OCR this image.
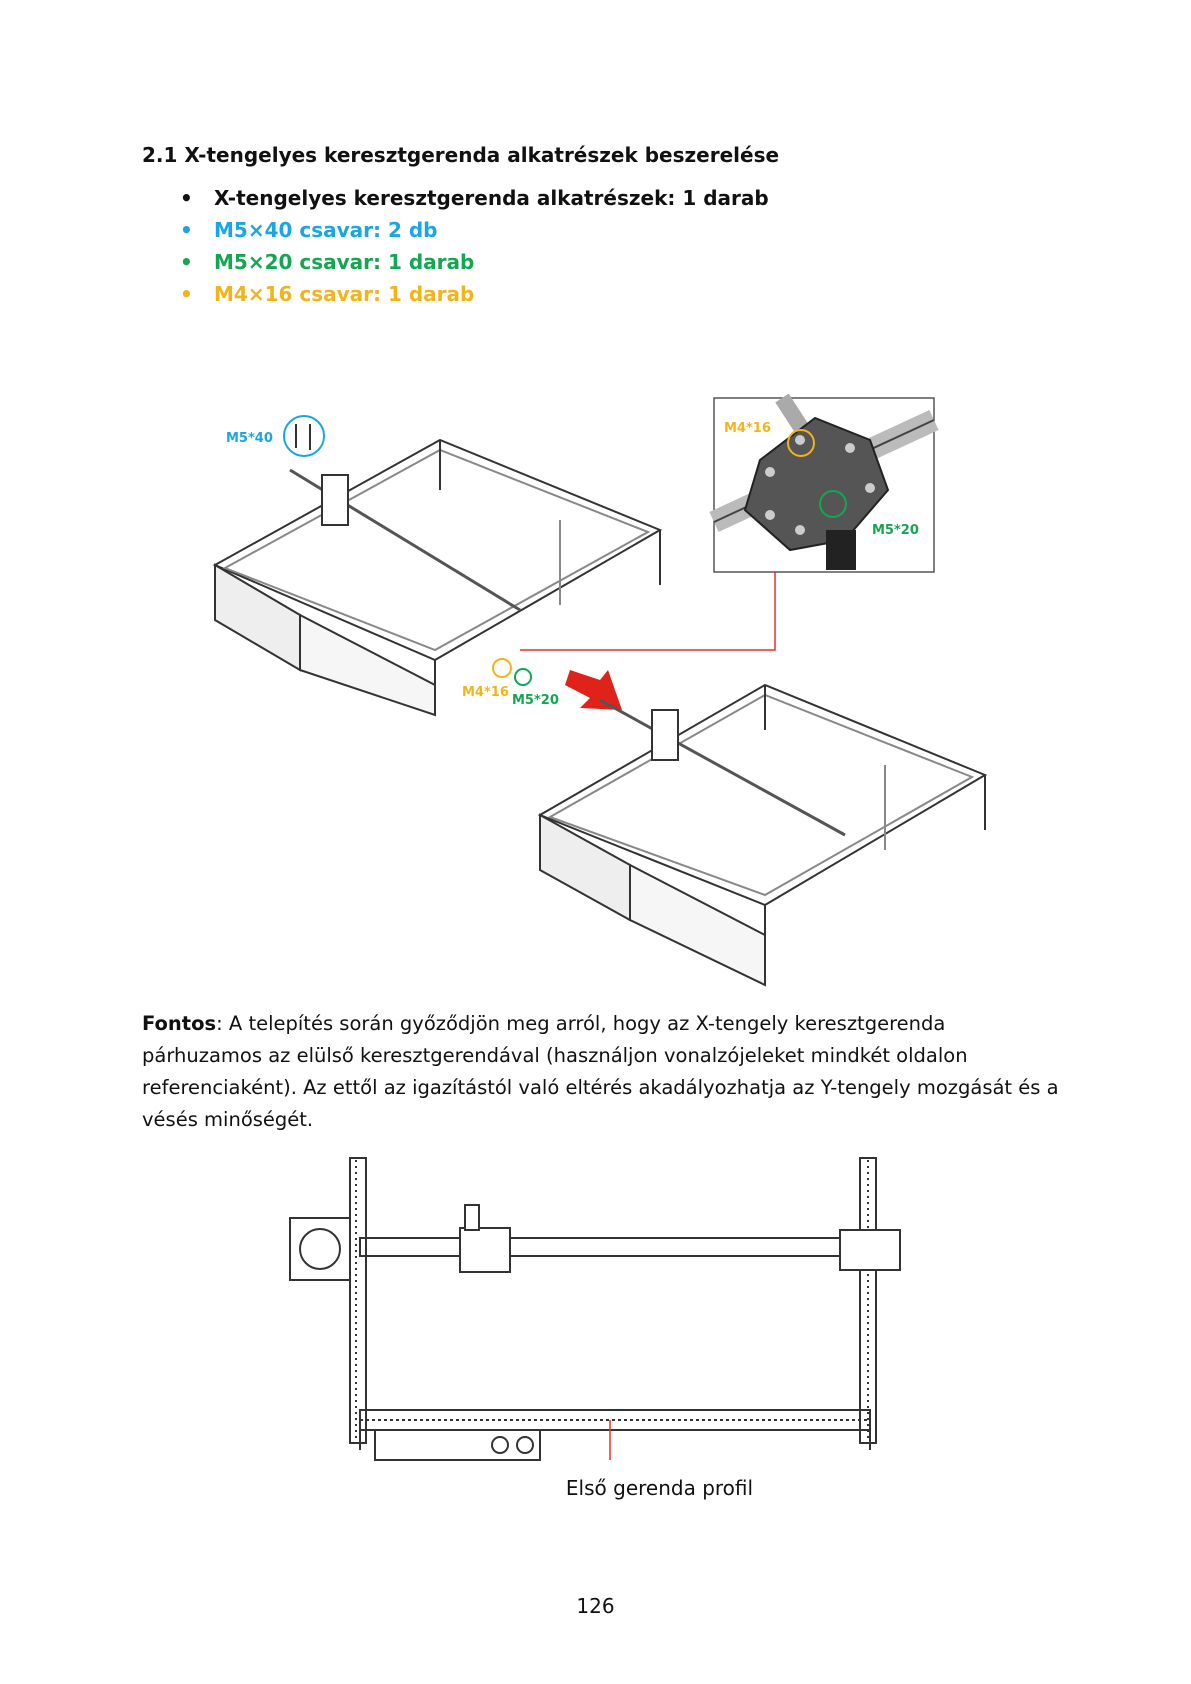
2.1 X-tengelyes keresztgerenda alkatrészek beszerelése
• X-tengelyes keresztgerenda alkatrészek: 1 darab
• M5×40 csavar: 2 db
• M5×20 csavar: 1 darab
• M4×16 csavar: 1 darab
M4*16
M5*20
M5*40
M4*16
M5*20
Fontos: A telepítés során győződjön meg arról, hogy az X-tengely keresztgerenda párhuzamos az elülső keresztgerendával (használjon vonalzójeleket mindkét oldalon referenciaként). Az ettől az igazítástól való eltérés akadályozhatja az Y-tengely mozgását és a vésés minőségét.
Első gerenda profil
126
